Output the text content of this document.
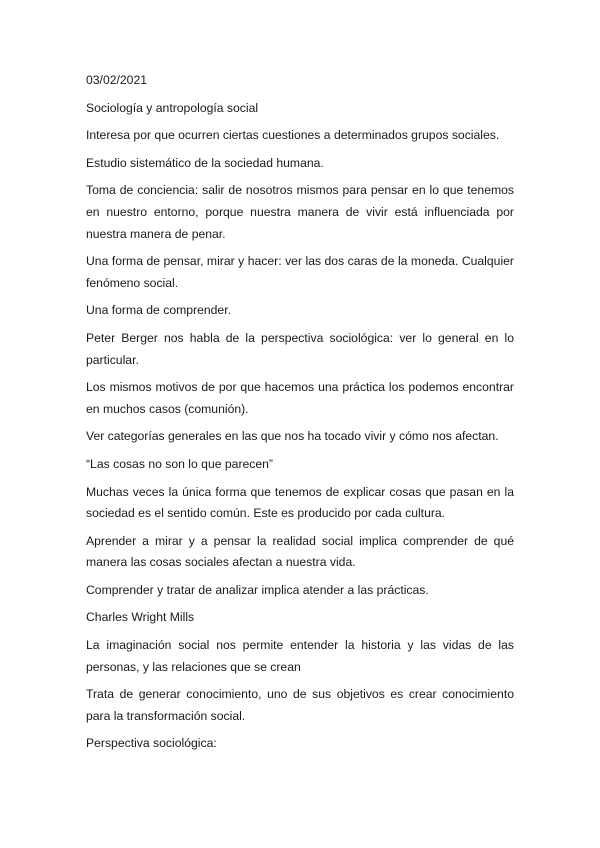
03/02/2021

Sociología y antropología social

Interesa por que ocurren ciertas cuestiones a determinados grupos sociales.

Estudio sistemático de la sociedad humana.

Toma de conciencia: salir de nosotros mismos para pensar en lo que tenemos en nuestro entorno, porque nuestra manera de vivir está influenciada por nuestra manera de penar.

Una forma de pensar, mirar y hacer: ver las dos caras de la moneda. Cualquier fenómeno social.

Una forma de comprender.

Peter Berger nos habla de la perspectiva sociológica: ver lo general en lo particular.

Los mismos motivos de por que hacemos una práctica los podemos encontrar en muchos casos (comunión).

Ver categorías generales en las que nos ha tocado vivir y cómo nos afectan.

“Las cosas no son lo que parecen”

Muchas veces la única forma que tenemos de explicar cosas que pasan en la sociedad es el sentido común. Este es producido por cada cultura.

Aprender a mirar y a pensar la realidad social implica comprender de qué manera las cosas sociales afectan a nuestra vida.

Comprender y tratar de analizar implica atender a las prácticas.

Charles Wright Mills

La imaginación social nos permite entender la historia y las vidas de las personas, y las relaciones que se crean

Trata de generar conocimiento, uno de sus objetivos es crear conocimiento para la transformación social.

Perspectiva sociológica:
